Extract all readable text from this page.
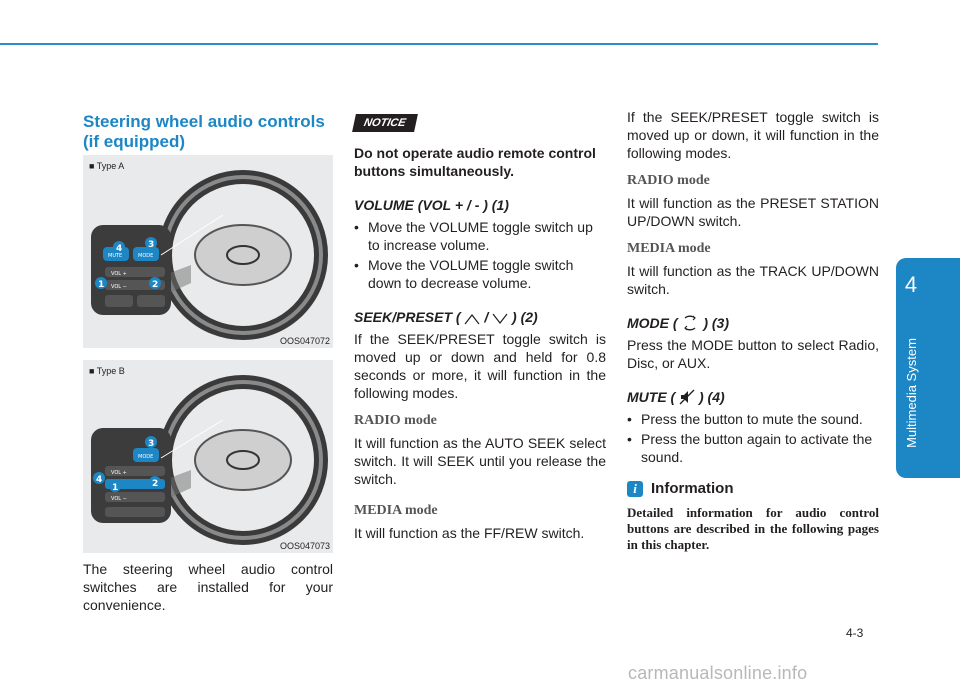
4
Multimedia System
Steering wheel audio controls (if equipped)
MUTE	MODE
VOL +
VOL −
4	3
1	2
■ Type A
OOS047072
MODE
VOL +
VOL −
3
4
1	2
■ Type B
OOS047073

The steering wheel audio control switches are installed for your convenience.

NOTICE

Do not operate audio remote control buttons simultaneously.

VOLUME (VOL + / - ) (1)
• Move the VOLUME toggle switch up to increase volume.
• Move the VOLUME toggle switch down to decrease volume.
SEEK/PRESET ( / ) (2)

If the SEEK/PRESET toggle switch is moved up or down and held for 0.8 seconds or more, it will function in the following modes.

RADIO mode

It will function as the AUTO SEEK select switch. It will SEEK until you release the switch.

MEDIA mode

It will function as the FF/REW switch.

If the SEEK/PRESET toggle switch is moved up or down, it will function in the following modes.

RADIO mode

It will function as the PRESET STATION UP/DOWN switch.

MEDIA mode

It will function as the TRACK UP/DOWN switch.

MODE ( ) (3)

Press the MODE button to select Radio, Disc, or AUX.

MUTE ( ) (4)
• Press the button to mute the sound.
• Press the button again to activate the sound.
i Information

Detailed information for audio control buttons are described in the following pages in this chapter.

4-3
carmanualsonline.info
